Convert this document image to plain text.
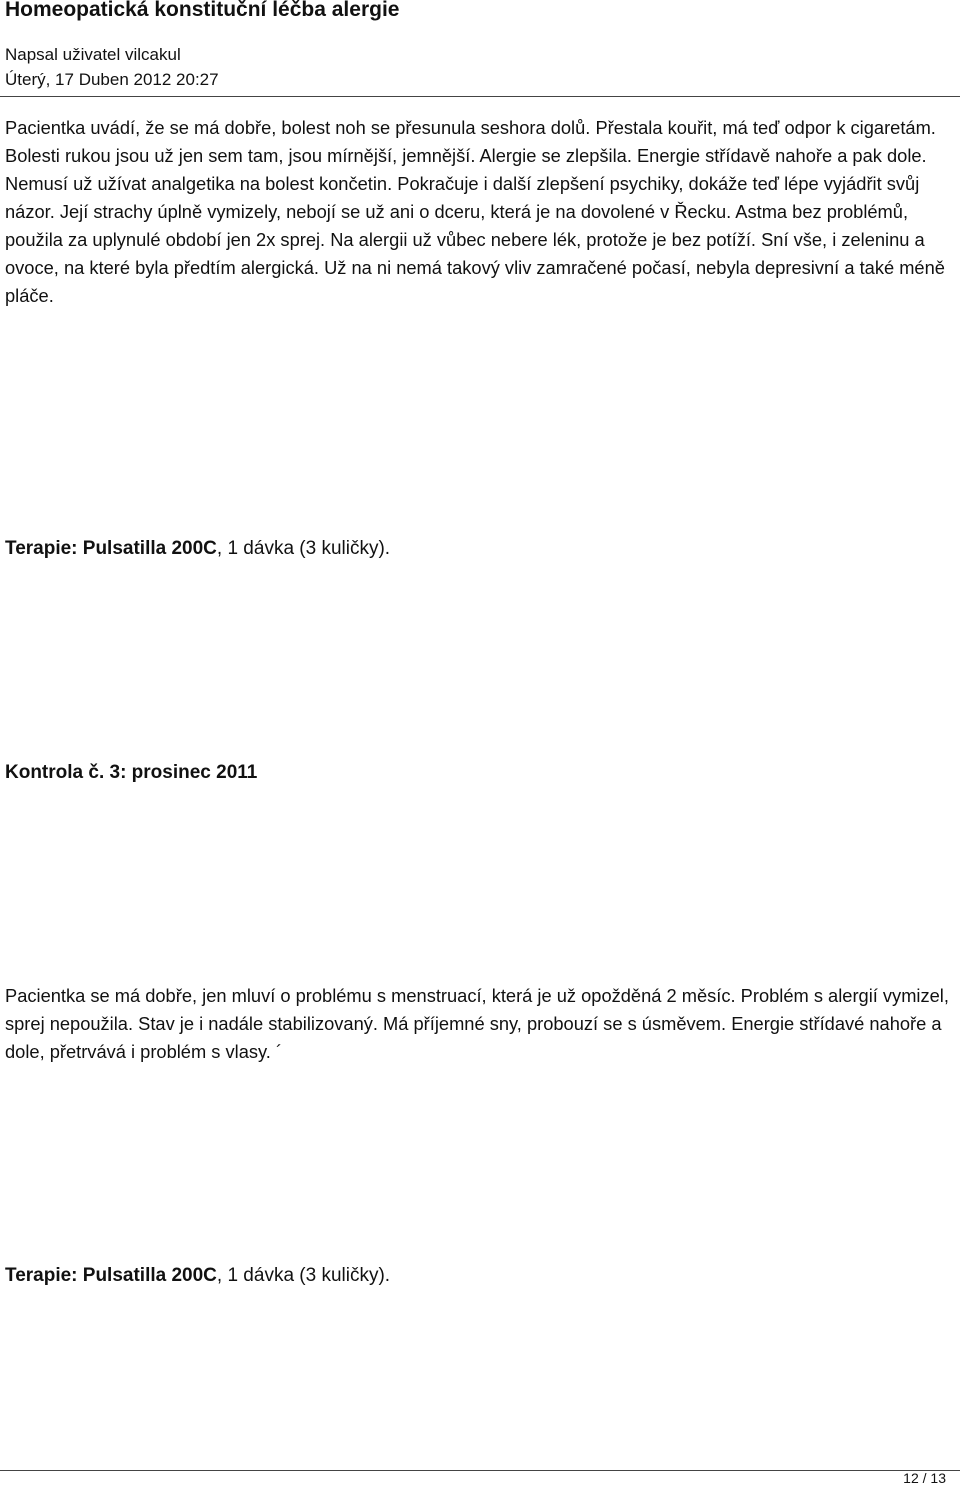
Homeopatická konstituční léčba alergie
Napsal uživatel vilcakul
Úterý, 17 Duben 2012 20:27

Pacientka uvádí, že se má dobře, bolest noh se přesunula seshora dolů. Přestala kouřit, má teď odpor k cigaretám. Bolesti rukou jsou už jen sem tam, jsou mírnější, jemnější. Alergie se zlepšila. Energie střídavě nahoře a pak dole. Nemusí už užívat analgetika na bolest končetin. Pokračuje i další zlepšení psychiky, dokáže teď lépe vyjádřit svůj názor. Její strachy úplně vymizely, nebojí se už ani o dceru, která je na dovolené v Řecku. Astma bez problémů, použila za uplynulé období jen 2x sprej. Na alergii už vůbec nebere lék, protože je bez potíží. Sní vše, i zeleninu a ovoce, na které byla předtím alergická. Už na ni nemá takový vliv zamračené počasí, nebyla depresivní a také méně pláče.

Terapie: Pulsatilla 200C, 1 dávka (3 kuličky).

Kontrola č. 3: prosinec 2011

Pacientka se má dobře, jen mluví o problému s menstruací, která je už opožděná 2 měsíc. Problém s alergií vymizel, sprej nepoužila. Stav je i nadále stabilizovaný. Má příjemné sny, probouzí se s úsměvem. Energie střídavé nahoře a dole, přetrvává i problém s vlasy. ´

Terapie: Pulsatilla 200C, 1 dávka (3 kuličky).

12 / 13
